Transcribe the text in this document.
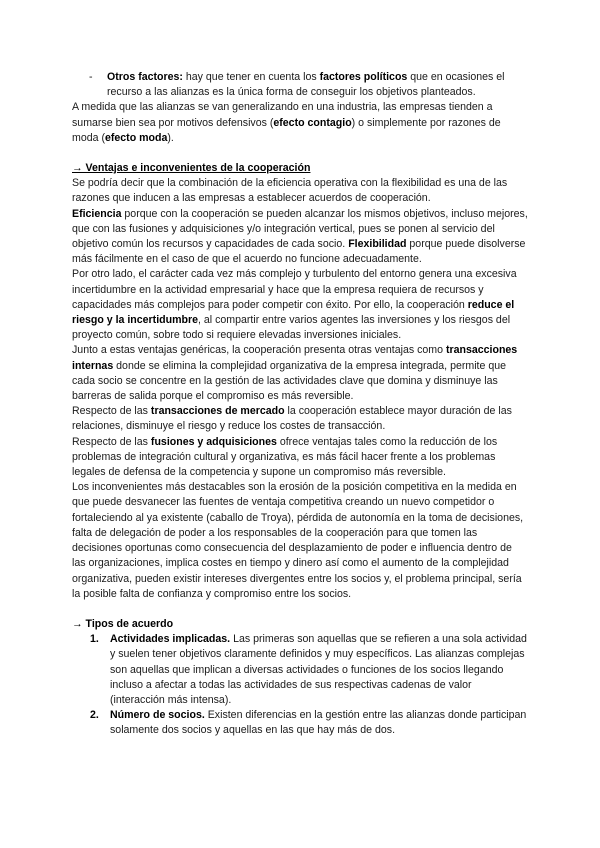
- Otros factores: hay que tener en cuenta los factores políticos que en ocasiones el recurso a las alianzas es la única forma de conseguir los objetivos planteados.

A medida que las alianzas se van generalizando en una industria, las empresas tienden a sumarse bien sea por motivos defensivos (efecto contagio) o simplemente por razones de moda (efecto moda).

→ Ventajas e inconvenientes de la cooperación

Se podría decir que la combinación de la eficiencia operativa con la flexibilidad es una de las razones que inducen a las empresas a establecer acuerdos de cooperación.

Eficiencia porque con la cooperación se pueden alcanzar los mismos objetivos, incluso mejores, que con las fusiones y adquisiciones y/o integración vertical, pues se ponen al servicio del objetivo común los recursos y capacidades de cada socio. Flexibilidad porque puede disolverse más fácilmente en el caso de que el acuerdo no funcione adecuadamente.

Por otro lado, el carácter cada vez más complejo y turbulento del entorno genera una excesiva incertidumbre en la actividad empresarial y hace que la empresa requiera de recursos y capacidades más complejos para poder competir con éxito. Por ello, la cooperación reduce el riesgo y la incertidumbre, al compartir entre varios agentes las inversiones y los riesgos del proyecto común, sobre todo si requiere elevadas inversiones iniciales.

Junto a estas ventajas genéricas, la cooperación presenta otras ventajas como transacciones internas donde se elimina la complejidad organizativa de la empresa integrada, permite que cada socio se concentre en la gestión de las actividades clave que domina y disminuye las barreras de salida porque el compromiso es más reversible.

Respecto de las transacciones de mercado la cooperación establece mayor duración de las relaciones, disminuye el riesgo y reduce los costes de transacción.

Respecto de las fusiones y adquisiciones ofrece ventajas tales como la reducción de los problemas de integración cultural y organizativa, es más fácil hacer frente a los problemas legales de defensa de la competencia y supone un compromiso más reversible.

Los inconvenientes más destacables son la erosión de la posición competitiva en la medida en que puede desvanecer las fuentes de ventaja competitiva creando un nuevo competidor o fortaleciendo al ya existente (caballo de Troya), pérdida de autonomía en la toma de decisiones, falta de delegación de poder a los responsables de la cooperación para que tomen las decisiones oportunas como consecuencia del desplazamiento de poder e influencia dentro de las organizaciones, implica costes en tiempo y dinero así como el aumento de la complejidad organizativa, pueden existir intereses divergentes entre los socios y, el problema principal, sería la posible falta de confianza y compromiso entre los socios.

→ Tipos de acuerdo

1. Actividades implicadas. Las primeras son aquellas que se refieren a una sola actividad y suelen tener objetivos claramente definidos y muy específicos. Las alianzas complejas son aquellas que implican a diversas actividades o funciones de los socios llegando incluso a afectar a todas las actividades de sus respectivas cadenas de valor (interacción más intensa).
2. Número de socios. Existen diferencias en la gestión entre las alianzas donde participan solamente dos socios y aquellas en las que hay más de dos.
